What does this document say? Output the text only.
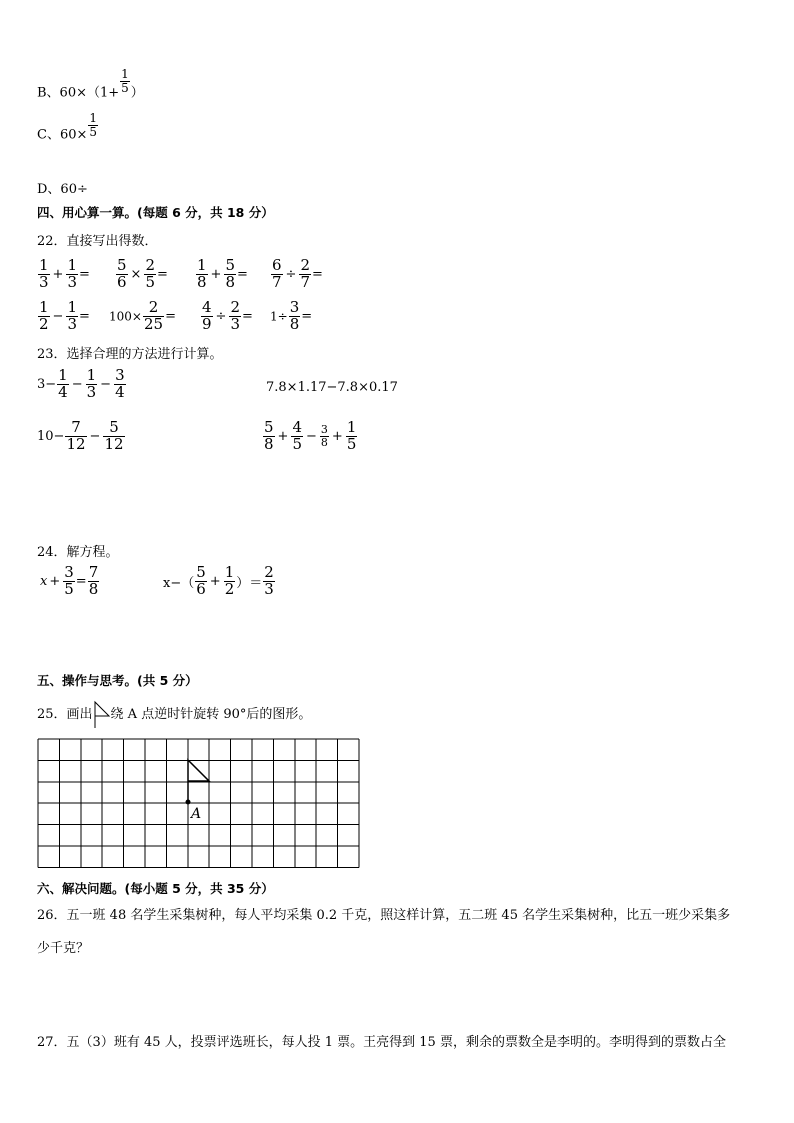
B、$60\times(1+ \frac{1}{5}$ ）
C、$60\times \frac{1}{5}$
D、60÷
四、用心算一算。(每题 6 分，共 18 分）
22．直接写出得数．
$\frac{1}{3} + \frac{1}{3} = \frac{5}{6} \times \frac{2}{5} = \frac{1}{8} + \frac{5}{8} = \frac{6}{7} \div \frac{2}{7}$ =
$\frac{1}{2} - \frac{1}{3} = 100\times \frac{2}{25} = \frac{4}{9} \div \frac{2}{3} = 1\div \frac{3}{8}$ =
23．选择合理的方法进行计算。
$3- \frac{1}{4} - \frac{1}{3} - \frac{3}{4}$	7.8×1.17−7.8×0.17
$10- \frac{7}{12} - \frac{5}{12}$	$\frac{5}{8} + \frac{4}{5} - \frac{3}{8} + \frac{1}{5}$
24．解方程。
$x + \frac{3}{5} = \frac{7}{8}$	$x-( \frac{5}{6} + \frac{1}{2}$ ）＝ $\frac{2}{3}$
五、操作与思考。(共 5 分）
25．画出 绕 A 点逆时针旋转 90°后的图形。
A
六、解决问题。(每小题 5 分，共 35 分）
26．五一班 48 名学生采集树种，每人平均采集 0.2 千克，照这样计算，五二班 45 名学生采集树种，比五一班少采集多
少千克？
27．五（3）班有 45 人，投票评选班长，每人投 1 票。王亮得到 15 票，剩余的票数全是李明的。李明得到的票数占全
